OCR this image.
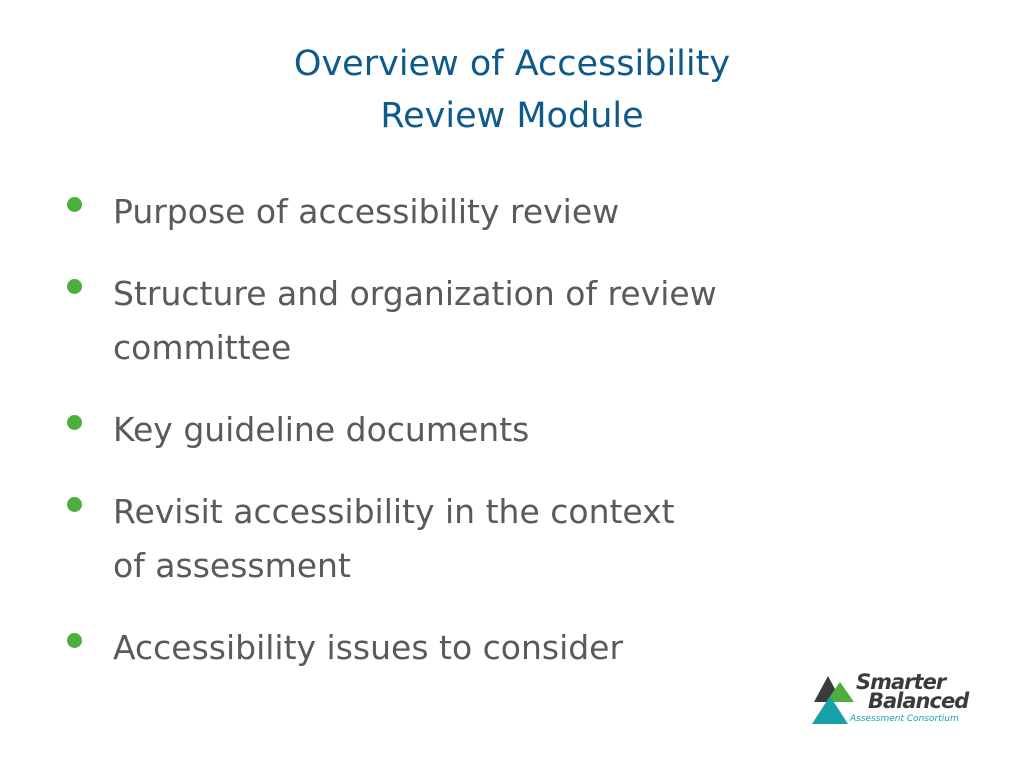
Overview of Accessibility
Review Module
Purpose of accessibility review
Structure and organization of review
committee
Key guideline documents
Revisit accessibility in the context
of assessment
Accessibility issues to consider
Smarter
Balanced
Assessment Consortium
